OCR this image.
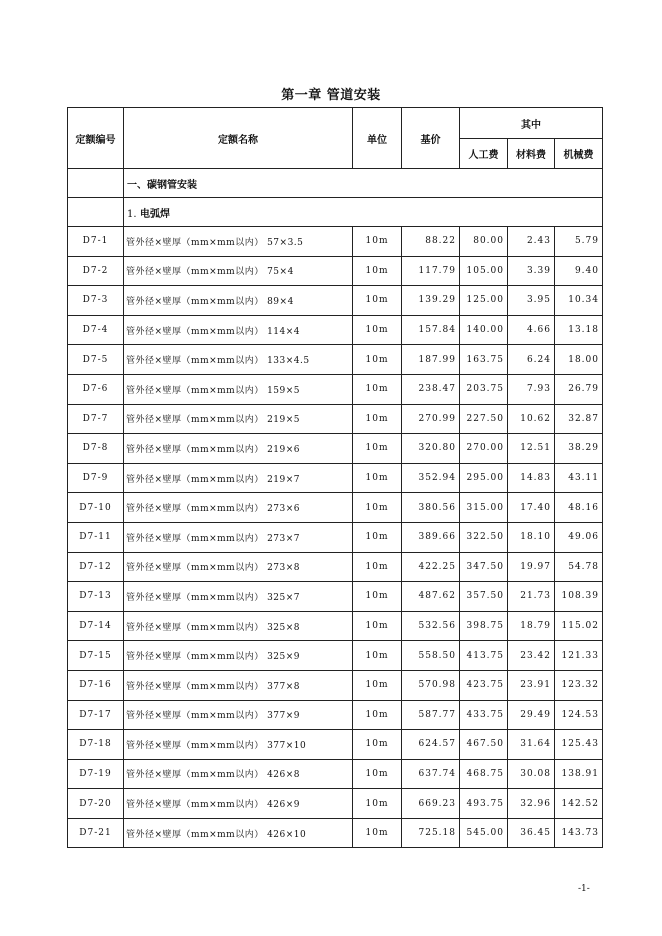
第一章 管道安装
定额编号	定额名称	单位	基价	其中		
				人工费	材料费	机械费
	一、碳钢管安装					
	1. 电弧焊					
D7-1	管外径×壁厚（mm×mm以内） 57×3.5	10m	88.22	80.00	2.43	5.79
D7-2	管外径×壁厚（mm×mm以内） 75×4	10m	117.79	105.00	3.39	9.40
D7-3	管外径×壁厚（mm×mm以内） 89×4	10m	139.29	125.00	3.95	10.34
D7-4	管外径×壁厚（mm×mm以内） 114×4	10m	157.84	140.00	4.66	13.18
D7-5	管外径×壁厚（mm×mm以内） 133×4.5	10m	187.99	163.75	6.24	18.00
D7-6	管外径×壁厚（mm×mm以内） 159×5	10m	238.47	203.75	7.93	26.79
D7-7	管外径×壁厚（mm×mm以内） 219×5	10m	270.99	227.50	10.62	32.87
D7-8	管外径×壁厚（mm×mm以内） 219×6	10m	320.80	270.00	12.51	38.29
D7-9	管外径×壁厚（mm×mm以内） 219×7	10m	352.94	295.00	14.83	43.11
D7-10	管外径×壁厚（mm×mm以内） 273×6	10m	380.56	315.00	17.40	48.16
D7-11	管外径×壁厚（mm×mm以内） 273×7	10m	389.66	322.50	18.10	49.06
D7-12	管外径×壁厚（mm×mm以内） 273×8	10m	422.25	347.50	19.97	54.78
D7-13	管外径×壁厚（mm×mm以内） 325×7	10m	487.62	357.50	21.73	108.39
D7-14	管外径×壁厚（mm×mm以内） 325×8	10m	532.56	398.75	18.79	115.02
D7-15	管外径×壁厚（mm×mm以内） 325×9	10m	558.50	413.75	23.42	121.33
D7-16	管外径×壁厚（mm×mm以内） 377×8	10m	570.98	423.75	23.91	123.32
D7-17	管外径×壁厚（mm×mm以内） 377×9	10m	587.77	433.75	29.49	124.53
D7-18	管外径×壁厚（mm×mm以内） 377×10	10m	624.57	467.50	31.64	125.43
D7-19	管外径×壁厚（mm×mm以内） 426×8	10m	637.74	468.75	30.08	138.91
D7-20	管外径×壁厚（mm×mm以内） 426×9	10m	669.23	493.75	32.96	142.52
D7-21	管外径×壁厚（mm×mm以内） 426×10	10m	725.18	545.00	36.45	143.73
-1-
